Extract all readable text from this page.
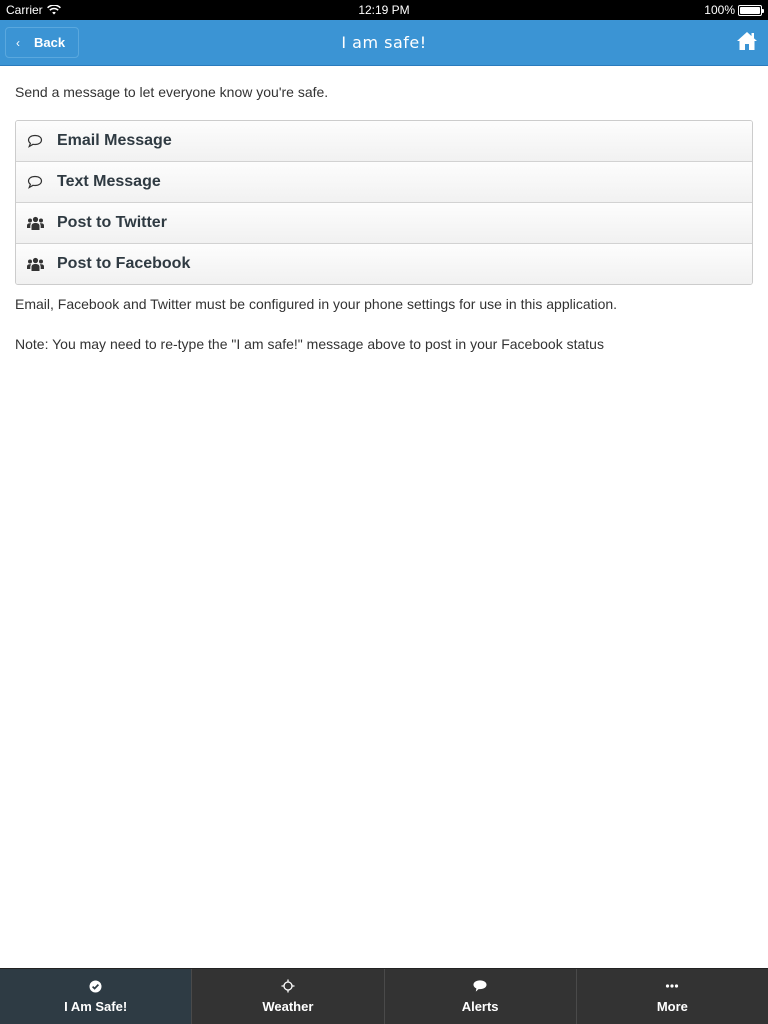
Carrier	12:19 PM	100%
‹ Back	I am safe!

Send a message to let everyone know you're safe.

Email Message
Text Message
Post to Twitter
Post to Facebook

Email, Facebook and Twitter must be configured in your phone settings for use in this application.

Note: You may need to re-type the "I am safe!" message above to post in your Facebook status

I Am Safe!	Weather	Alerts	More
